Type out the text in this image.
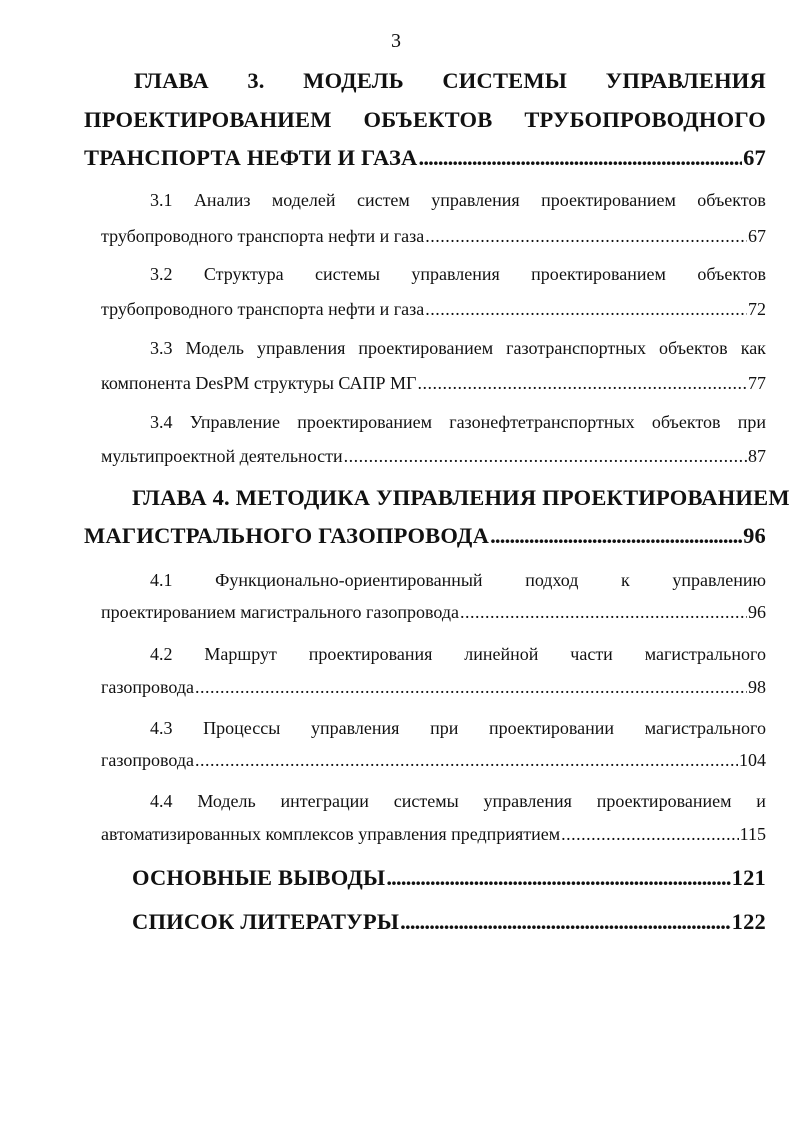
3
ГЛАВА 3. МОДЕЛЬ СИСТЕМЫ УПРАВЛЕНИЯ
ПРОЕКТИРОВАНИЕМ ОБЪЕКТОВ ТРУБОПРОВОДНОГО
ТРАНСПОРТА НЕФТИ И ГАЗА . . .	67
3.1 Анализ моделей систем управления проектированием объектов
трубопроводного транспорта нефти и газа . . .	67
3.2 Структура системы управления проектированием объектов
трубопроводного транспорта нефти и газа . . .	72
3.3 Модель управления проектированием газотранспортных объектов как
компонента DesPM структуры САПР МГ . . .	77
3.4 Управление проектированием газонефтетранспортных объектов при
мультипроектной деятельности . . .	87
ГЛАВА 4. МЕТОДИКА УПРАВЛЕНИЯ ПРОЕКТИРОВАНИЕМ
МАГИСТРАЛЬНОГО ГАЗОПРОВОДА . . .	96
4.1 Функционально-ориентированный подход к управлению
проектированием магистрального газопровода . . .	96
4.2 Маршрут проектирования линейной части магистрального
газопровода . . .	98
4.3 Процессы управления при проектировании магистрального
газопровода . . .	104
4.4 Модель интеграции системы управления проектированием и
автоматизированных комплексов управления предприятием . . .	115
ОСНОВНЫЕ ВЫВОДЫ . . .	121
СПИСОК ЛИТЕРАТУРЫ . . .	122
